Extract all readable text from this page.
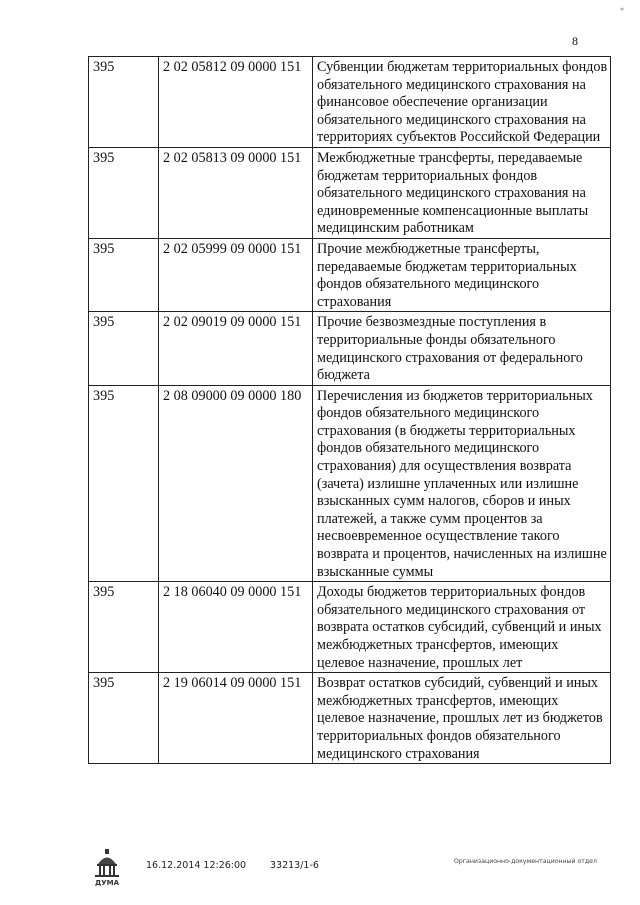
8
*
395	2 02 05812 09 0000 151	Субвенции бюджетам территориальных фондов обязательного медицинского страхования на финансовое обеспечение организации обязательного медицинского страхования на территориях субъектов Российской Федерации
395	2 02 05813 09 0000 151	Межбюджетные трансферты, передаваемые бюджетам территориальных фондов обязательного медицинского страхования на единовременные компенсационные выплаты медицинским работникам
395	2 02 05999 09 0000 151	Прочие межбюджетные трансферты, передаваемые бюджетам территориальных фондов обязательного медицинского страхования
395	2 02 09019 09 0000 151	Прочие безвозмездные поступления в территориальные фонды обязательного медицинского страхования от федерального бюджета
395	2 08 09000 09 0000 180	Перечисления из бюджетов территориальных фондов обязательного медицинского страхования (в бюджеты территориальных фондов обязательного медицинского страхования) для осуществления возврата (зачета) излишне уплаченных или излишне взысканных сумм налогов, сборов и иных платежей, а также сумм процентов за несвоевременное осуществление такого возврата и процентов, начисленных на излишне взысканные суммы
395	2 18 06040 09 0000 151	Доходы бюджетов территориальных фондов обязательного медицинского страхования от возврата остатков субсидий, субвенций и иных межбюджетных трансфертов, имеющих целевое назначение, прошлых лет
395	2 19 06014 09 0000 151	Возврат остатков субсидий, субвенций и иных межбюджетных трансфертов, имеющих целевое назначение, прошлых лет из бюджетов территориальных фондов обязательного медицинского страхования
ДУМА
16.12.2014 12:26:00	33213/1-6	Организационно-документационный отдел
